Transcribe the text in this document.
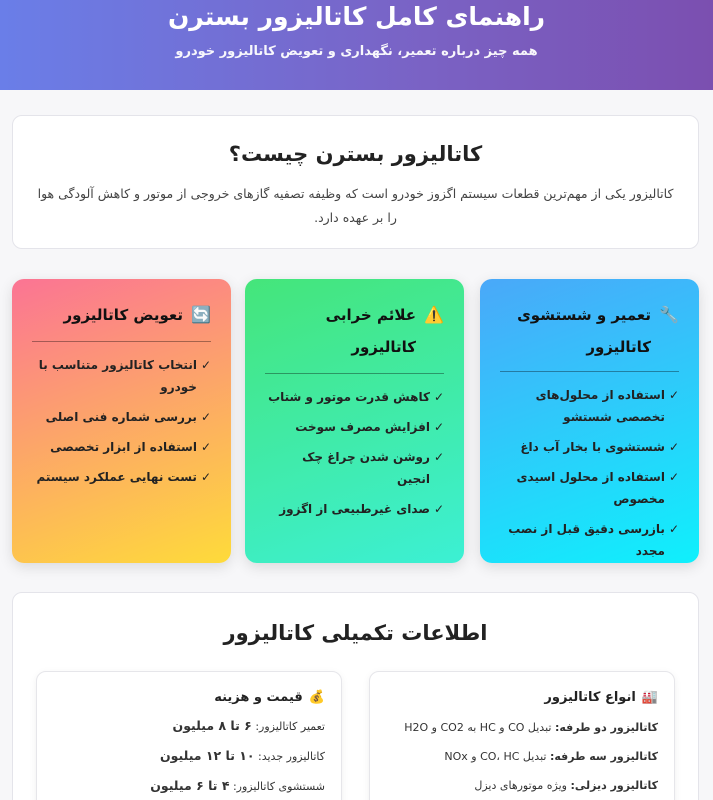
راهنمای کامل کاتالیزور بسترن

همه چیز درباره تعمیر، نگهداری و تعویض کاتالیزور خودرو

کاتالیزور بسترن چیست؟

کاتالیزور یکی از مهم‌ترین قطعات سیستم اگزوز خودرو است که وظیفه تصفیه گازهای خروجی از موتور و کاهش آلودگی هوا را بر عهده دارد.

🔧
تعمیر و شستشوی کاتالیزور
✓
استفاده از محلول‌های تخصصی شستشو
✓
شستشوی با بخار آب داغ
✓
استفاده از محلول اسیدی مخصوص
✓
بازرسی دقیق قبل از نصب مجدد
⚠️
علائم خرابی کاتالیزور
✓
کاهش قدرت موتور و شتاب
✓
افزایش مصرف سوخت
✓
روشن شدن چراغ چک انجین
✓
صدای غیرطبیعی از اگزوز
🔄
تعویض کاتالیزور
✓
انتخاب کاتالیزور متناسب با خودرو
✓
بررسی شماره فنی اصلی
✓
استفاده از ابزار تخصصی
✓
تست نهایی عملکرد سیستم
اطلاعات تکمیلی کاتالیزور
🏭
انواع کاتالیزور
کاتالیزور دو طرفه: تبدیل CO و HC به CO2 و H2O
کاتالیزور سه طرفه: تبدیل CO، HC و NOx
کاتالیزور دیزلی: ویژه موتورهای دیزل
💰
قیمت و هزینه
تعمیر کاتالیزور: ۶ تا ۸ میلیون
کاتالیزور جدید: ۱۰ تا ۱۲ میلیون
شستشوی کاتالیزور: ۴ تا ۶ میلیون
